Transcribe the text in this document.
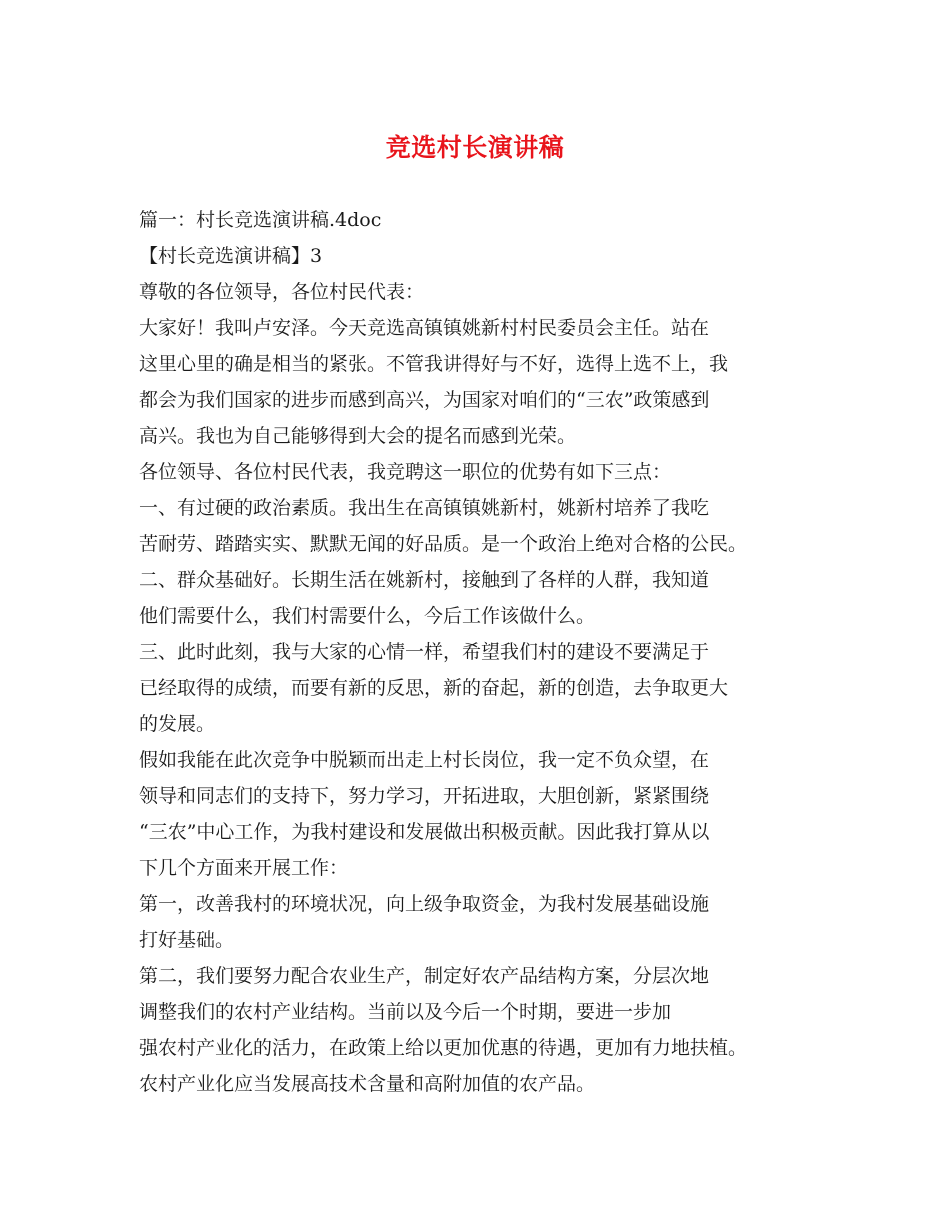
竞选村长演讲稿
篇一：村长竞选演讲稿.4doc
【村长竞选演讲稿】3
尊敬的各位领导，各位村民代表：
大家好！我叫卢安泽。今天竞选高镇镇姚新村村民委员会主任。站在
这里心里的确是相当的紧张。不管我讲得好与不好，选得上选不上，我
都会为我们国家的进步而感到高兴，为国家对咱们的“三农”政策感到
高兴。我也为自己能够得到大会的提名而感到光荣。
各位领导、各位村民代表，我竞聘这一职位的优势有如下三点：
一、有过硬的政治素质。我出生在高镇镇姚新村，姚新村培养了我吃
苦耐劳、踏踏实实、默默无闻的好品质。是一个政治上绝对合格的公民。
二、群众基础好。长期生活在姚新村，接触到了各样的人群，我知道
他们需要什么，我们村需要什么，今后工作该做什么。
三、此时此刻，我与大家的心情一样，希望我们村的建设不要满足于
已经取得的成绩，而要有新的反思，新的奋起，新的创造，去争取更大
的发展。
假如我能在此次竞争中脱颖而出走上村长岗位，我一定不负众望，在
领导和同志们的支持下，努力学习，开拓进取，大胆创新，紧紧围绕
“三农”中心工作，为我村建设和发展做出积极贡献。因此我打算从以
下几个方面来开展工作：
第一，改善我村的环境状况，向上级争取资金，为我村发展基础设施
打好基础。
第二，我们要努力配合农业生产，制定好农产品结构方案，分层次地
调整我们的农村产业结构。当前以及今后一个时期，要进一步加
强农村产业化的活力，在政策上给以更加优惠的待遇，更加有力地扶植。
农村产业化应当发展高技术含量和高附加值的农产品。
